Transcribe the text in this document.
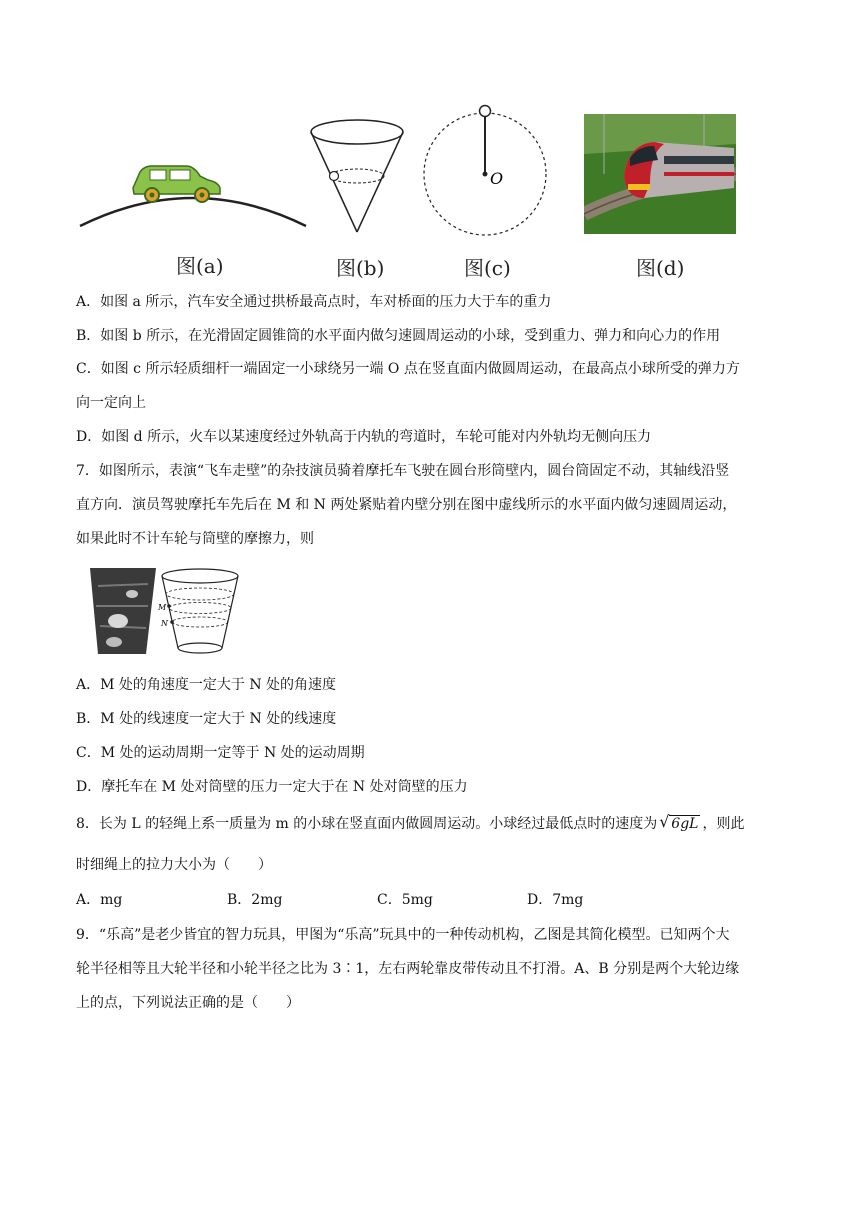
O
图(a)	图(b)	图(c)	图(d)
A．如图 a 所示，汽车安全通过拱桥最高点时，车对桥面的压力大于车的重力
B．如图 b 所示，在光滑固定圆锥筒的水平面内做匀速圆周运动的小球，受到重力、弹力和向心力的作用
C．如图 c 所示轻质细杆一端固定一小球绕另一端 O 点在竖直面内做圆周运动，在最高点小球所受的弹力方
向一定向上
D．如图 d 所示，火车以某速度经过外轨高于内轨的弯道时，车轮可能对内外轨均无侧向压力
7．如图所示，表演“飞车走壁”的杂技演员骑着摩托车飞驶在圆台形筒壁内，圆台筒固定不动，其轴线沿竖
直方向．演员驾驶摩托车先后在 M 和 N 两处紧贴着内壁分别在图中虚线所示的水平面内做匀速圆周运动，
如果此时不计车轮与筒壁的摩擦力，则
M
N
A．M 处的角速度一定大于 N 处的角速度
B．M 处的线速度一定大于 N 处的线速度
C．M 处的运动周期一定等于 N 处的运动周期
D．摩托车在 M 处对筒壁的压力一定大于在 N 处对筒壁的压力
8．长为 L 的轻绳上系一质量为 m 的小球在竖直面内做圆周运动。小球经过最低点时的速度为 √ 6gL ，则此
时细绳上的拉力大小为（　　）
A．mg	B．2mg	C．5mg	D．7mg
9．“乐高”是老少皆宜的智力玩具，甲图为“乐高”玩具中的一种传动机构，乙图是其简化模型。已知两个大
轮半径相等且大轮半径和小轮半径之比为 3∶1，左右两轮靠皮带传动且不打滑。A、B 分别是两个大轮边缘
上的点，下列说法正确的是（　　）
